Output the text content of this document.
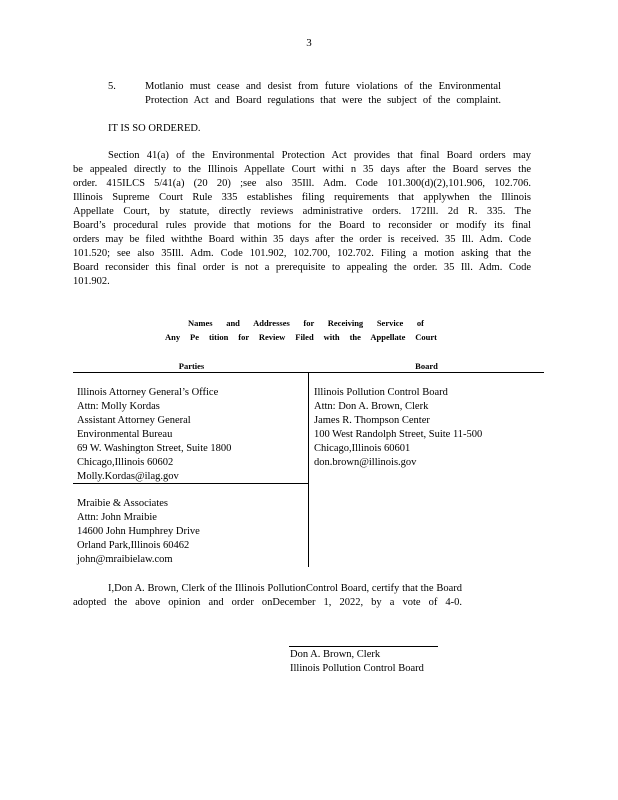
3
5.	Motlanio must cease and desist from future violations of the Environmental
Protection Act and Board regulations that were the subject of the complaint.
IT IS SO ORDERED.
Section 41(a) of the Environmental Protection Act provides that final Board orders may
be appealed directly to the Illinois Appellate Court withi n 35 days after the Board serves the
order. 415ILCS 5/41(a) (20 20) ;see also 35Ill. Adm. Code 101.300(d)(2),101.906, 102.706.
Illinois Supreme Court Rule 335 establishes filing requirements that applywhen the Illinois
Appellate Court, by statute, directly reviews administrative orders. 172Ill. 2d R. 335. The
Board’s procedural rules provide that motions for the Board to reconsider or modify its final
orders may be filed withthe Board within 35 days after the order is received. 35 Ill. Adm. Code
101.520; see also 35Ill. Adm. Code 101.902, 102.700, 102.702. Filing a motion asking that the
Board reconsider this final order is not a prerequisite to appealing the order. 35 Ill. Adm. Code
101.902.
Names and Addresses for Receiving Service of
Any Pe tition for Review Filed with the Appellate Court
Parties	Board
Illinois Attorney General’s Office
Attn: Molly Kordas
Assistant Attorney General
Environmental Bureau
69 W. Washington Street, Suite 1800
Chicago,Illinois 60602
Molly.Kordas@ilag.gov
Mraibie & Associates
Attn: John Mraibie
14600 John Humphrey Drive
Orland Park,Illinois 60462
john@mraibielaw.com
Illinois Pollution Control Board
Attn: Don A. Brown, Clerk
James R. Thompson Center
100 West Randolph Street, Suite 11-500
Chicago,Illinois 60601
don.brown@illinois.gov
I,Don A. Brown, Clerk of the Illinois PollutionControl Board, certify that the Board
adopted the above opinion and order onDecember 1, 2022, by a vote of 4-0.
Don A. Brown, Clerk
Illinois Pollution Control Board
